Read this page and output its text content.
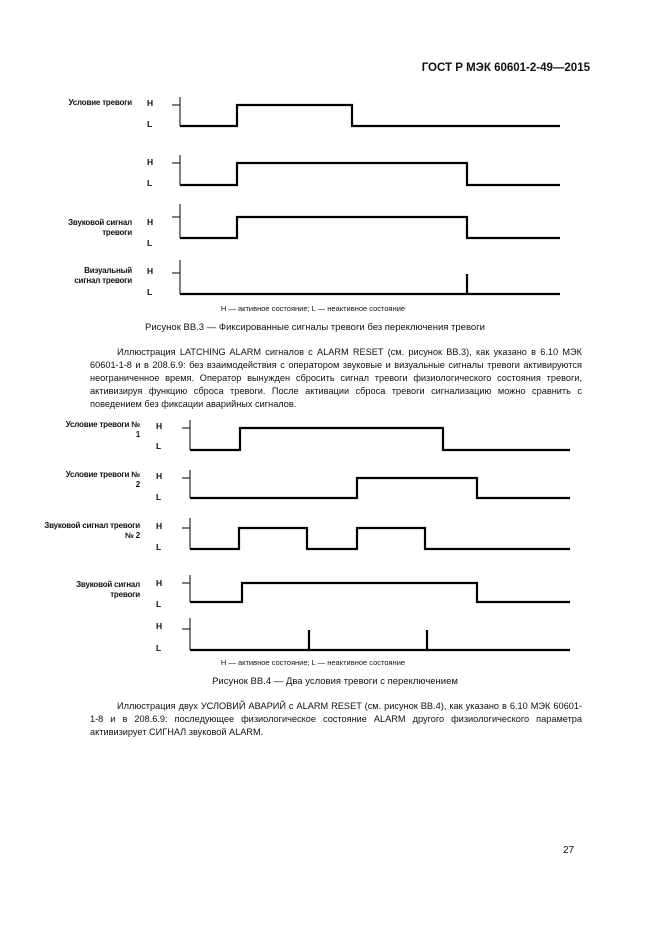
ГОСТ Р МЭК 60601-2-49—2015
Условие тревоги
Звуковой сигнал тревоги
Визуальный сигнал тревоги
H
L
H
L
H
L
H
L
H — активное состояние; L — неактивное состояние
Рисунок ВВ.3 — Фиксированные сигналы тревоги без переключения тревоги
Иллюстрация LATCHING ALARM сигналов с ALARM RESET (см. рисунок ВВ.3), как указано в 6.10 МЭК 60601-1-8 и в 208.6.9: без взаимодействия с оператором звуковые и визуальные сигналы тревоги активируются неограниченное время. Оператор вынужден сбросить сигнал тревоги физиологического состояния тревоги, активизируя функцию сброса тревоги. После активации сброса тревоги сигнализацию можно сравнить с поведением без фиксации аварийных сигналов.
Условие тревоги № 1
Условие тревоги № 2
Звуковой сигнал тревоги № 2
Звуковой сигнал тревоги
H
L
H
L
H
L
H
L
H
L
H — активное состояние; L — неактивное состояние
Рисунок ВВ.4 — Два условия тревоги с переключением
Иллюстрация двух УСЛОВИЙ АВАРИЙ с ALARM RESET (см. рисунок ВВ.4), как указано в 6.10 МЭК 60601-1-8 и в 208.6.9: последующее физиологическое состояние ALARM другого физиологического параметра активизирует СИГНАЛ звуковой ALARM.
27
